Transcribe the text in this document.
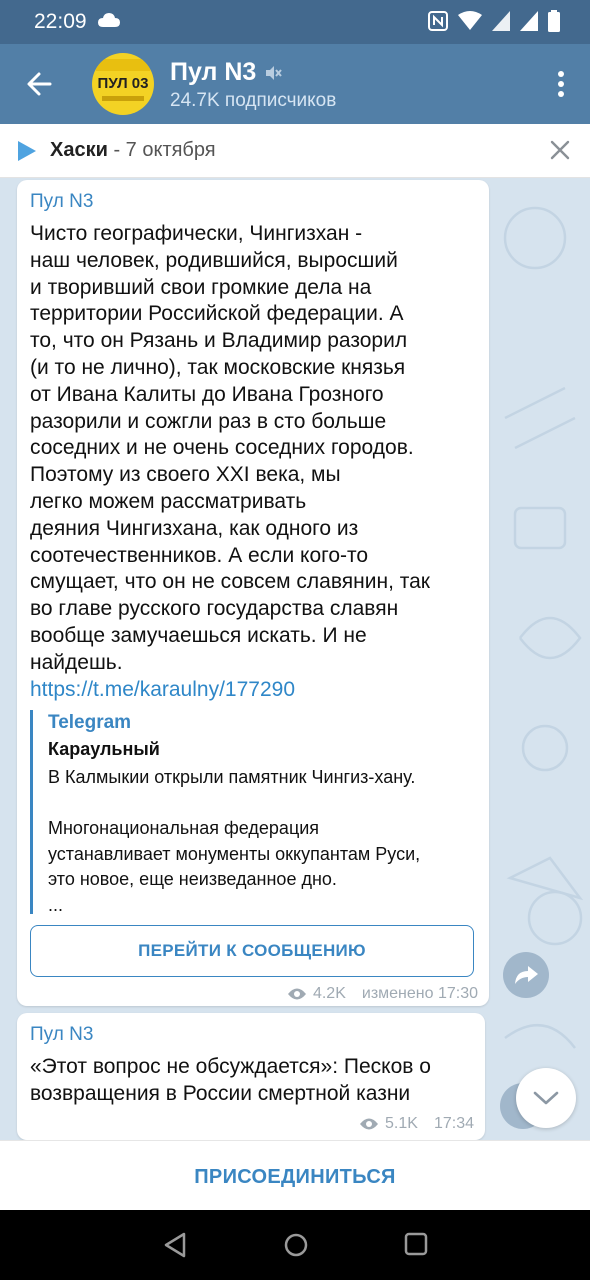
22:09
ПУЛ 03 Пул N3
24.7K подписчиков
Хаски - 7 октября
Пул N3
Чисто географически, Чингизхан -
наш человек, родившийся, выросший
и творивший свои громкие дела на
территории Российской федерации. А
то, что он Рязань и Владимир разорил
(и то не лично), так московские князья
от Ивана Калиты до Ивана Грозного
разорили и сожгли раз в сто больше
соседних и не очень соседних городов.
Поэтому из своего XXI века, мы
легко можем рассматривать
деяния Чингизхана, как одного из
соотечественников. А если кого-то
смущает, что он не совсем славянин, так
во главе русского государства славян
вообще замучаешься искать. И не
найдешь.
https://t.me/karaulny/177290
Telegram
Караульный
В Калмыкии открыли памятник Чингиз-хану.

Многонациональная федерация
устанавливает монументы оккупантам Руси,
это новое, еще неизведанное дно.
...
ПЕРЕЙТИ К СООБЩЕНИЮ
4.2K изменено 17:30
Пул N3
«Этот вопрос не обсуждается»: Песков о
возвращения в России смертной казни
5.1K 17:34
ПРИСОЕДИНИТЬСЯ
